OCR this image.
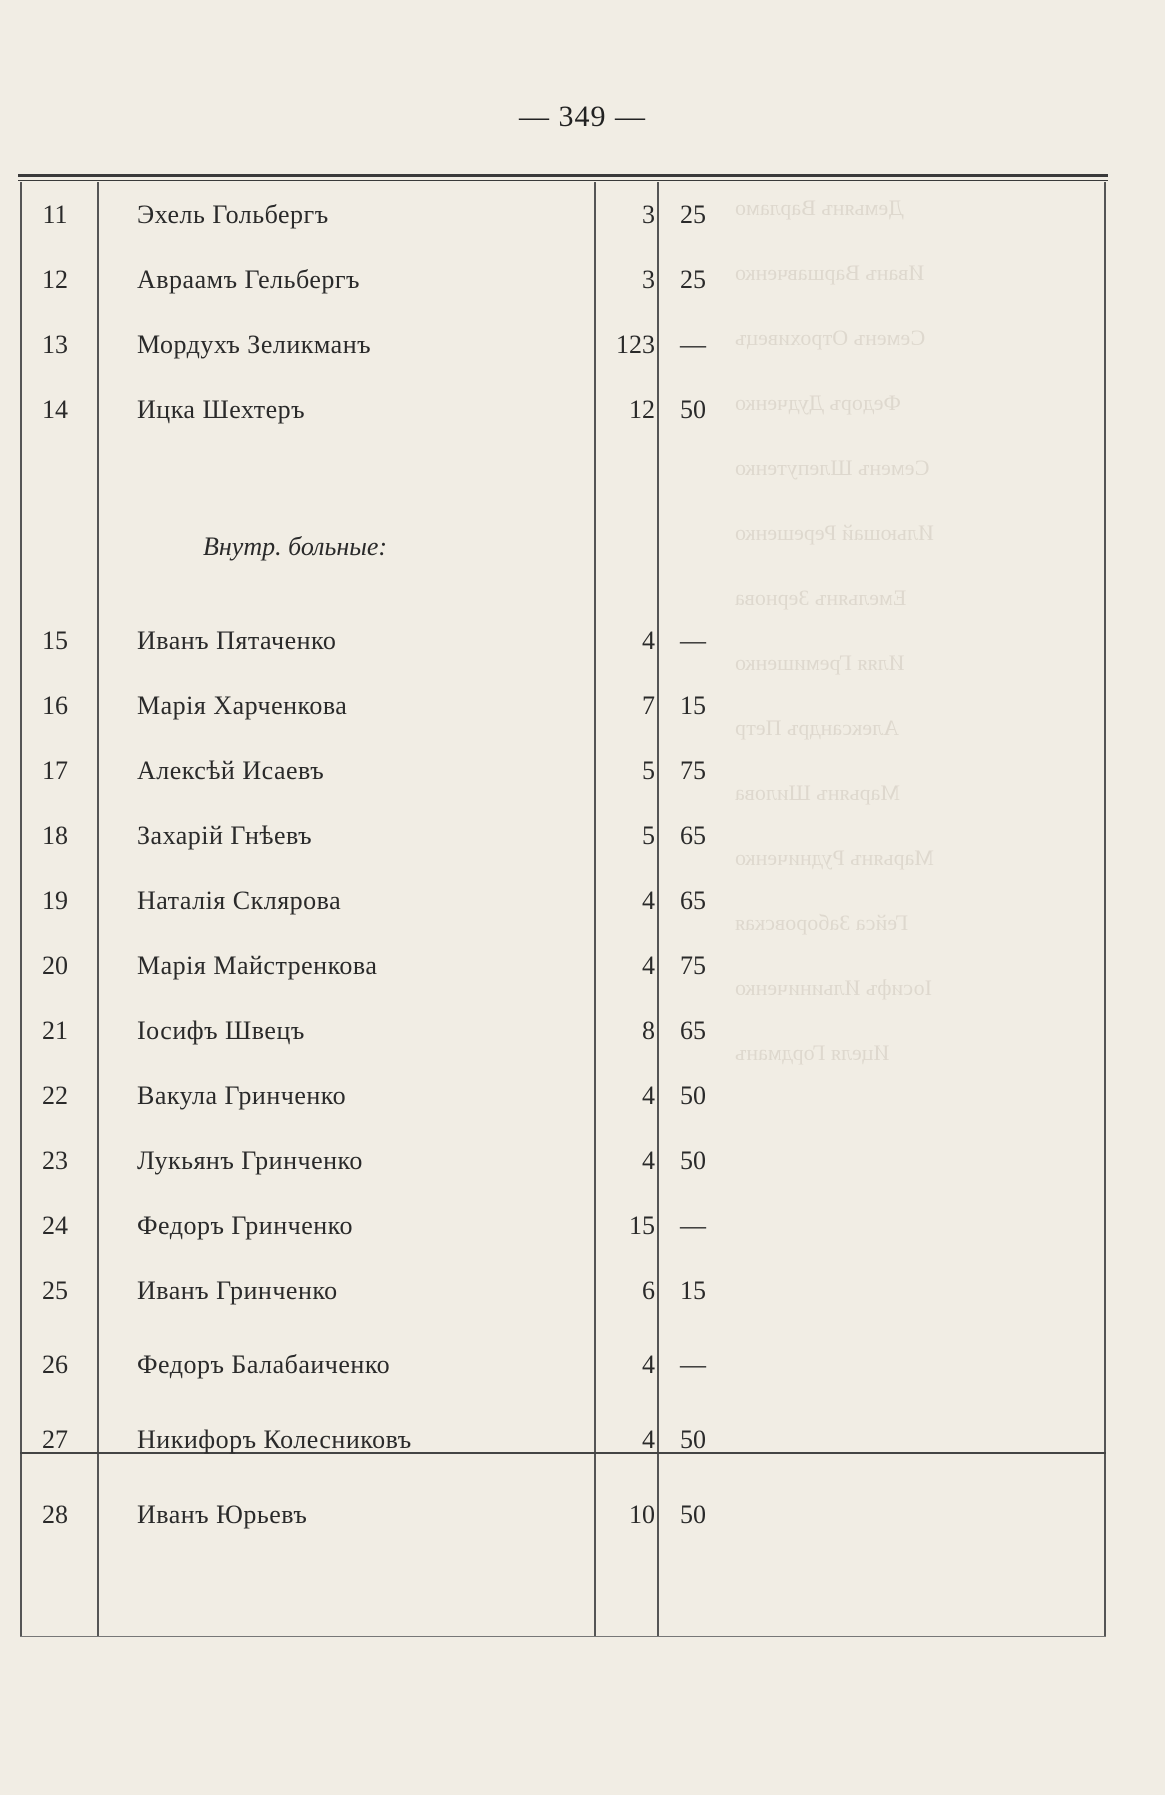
— 349 —
Демьянъ Варламо
Иванъ Варшавченко
Семенъ Отрохивецъ
Федоръ Дудченко
Семенъ Шлепутенко
Ильюшай Ререшенко
Емельянъ Зернова
Иляя Гремишенко
Александръ Петр
Марьянъ Шилова
Марьянъ Рудниченко
Гейса Заборовская
Іосифъ Ильиниченко
Ицеля Гордманъ
11	Эхель Гольбергъ	3 25
12	Авраамъ Гельбергъ	3 25
13	Мордухъ Зеликманъ	123 —
14	Ицка Шехтеръ	12 50
Внутр. больные:
15	Иванъ Пятаченко	4 —
16	Марія Харченкова	7 15
17	Алексѣй Исаевъ	5 75
18	Захарій Гнѣевъ	5 65
19	Наталія Склярова	4 65
20	Марія Майстренкова	4 75
21	Іосифъ Швецъ	8 65
22	Вакула Гринченко	4 50
23	Лукьянъ Гринченко	4 50
24	Федоръ Гринченко	15 —
25	Иванъ Гринченко	6 15
26	Федоръ Балабаиченко	4 —
27	Никифоръ Колесниковъ	4 50
28	Иванъ Юрьевъ	10 50
